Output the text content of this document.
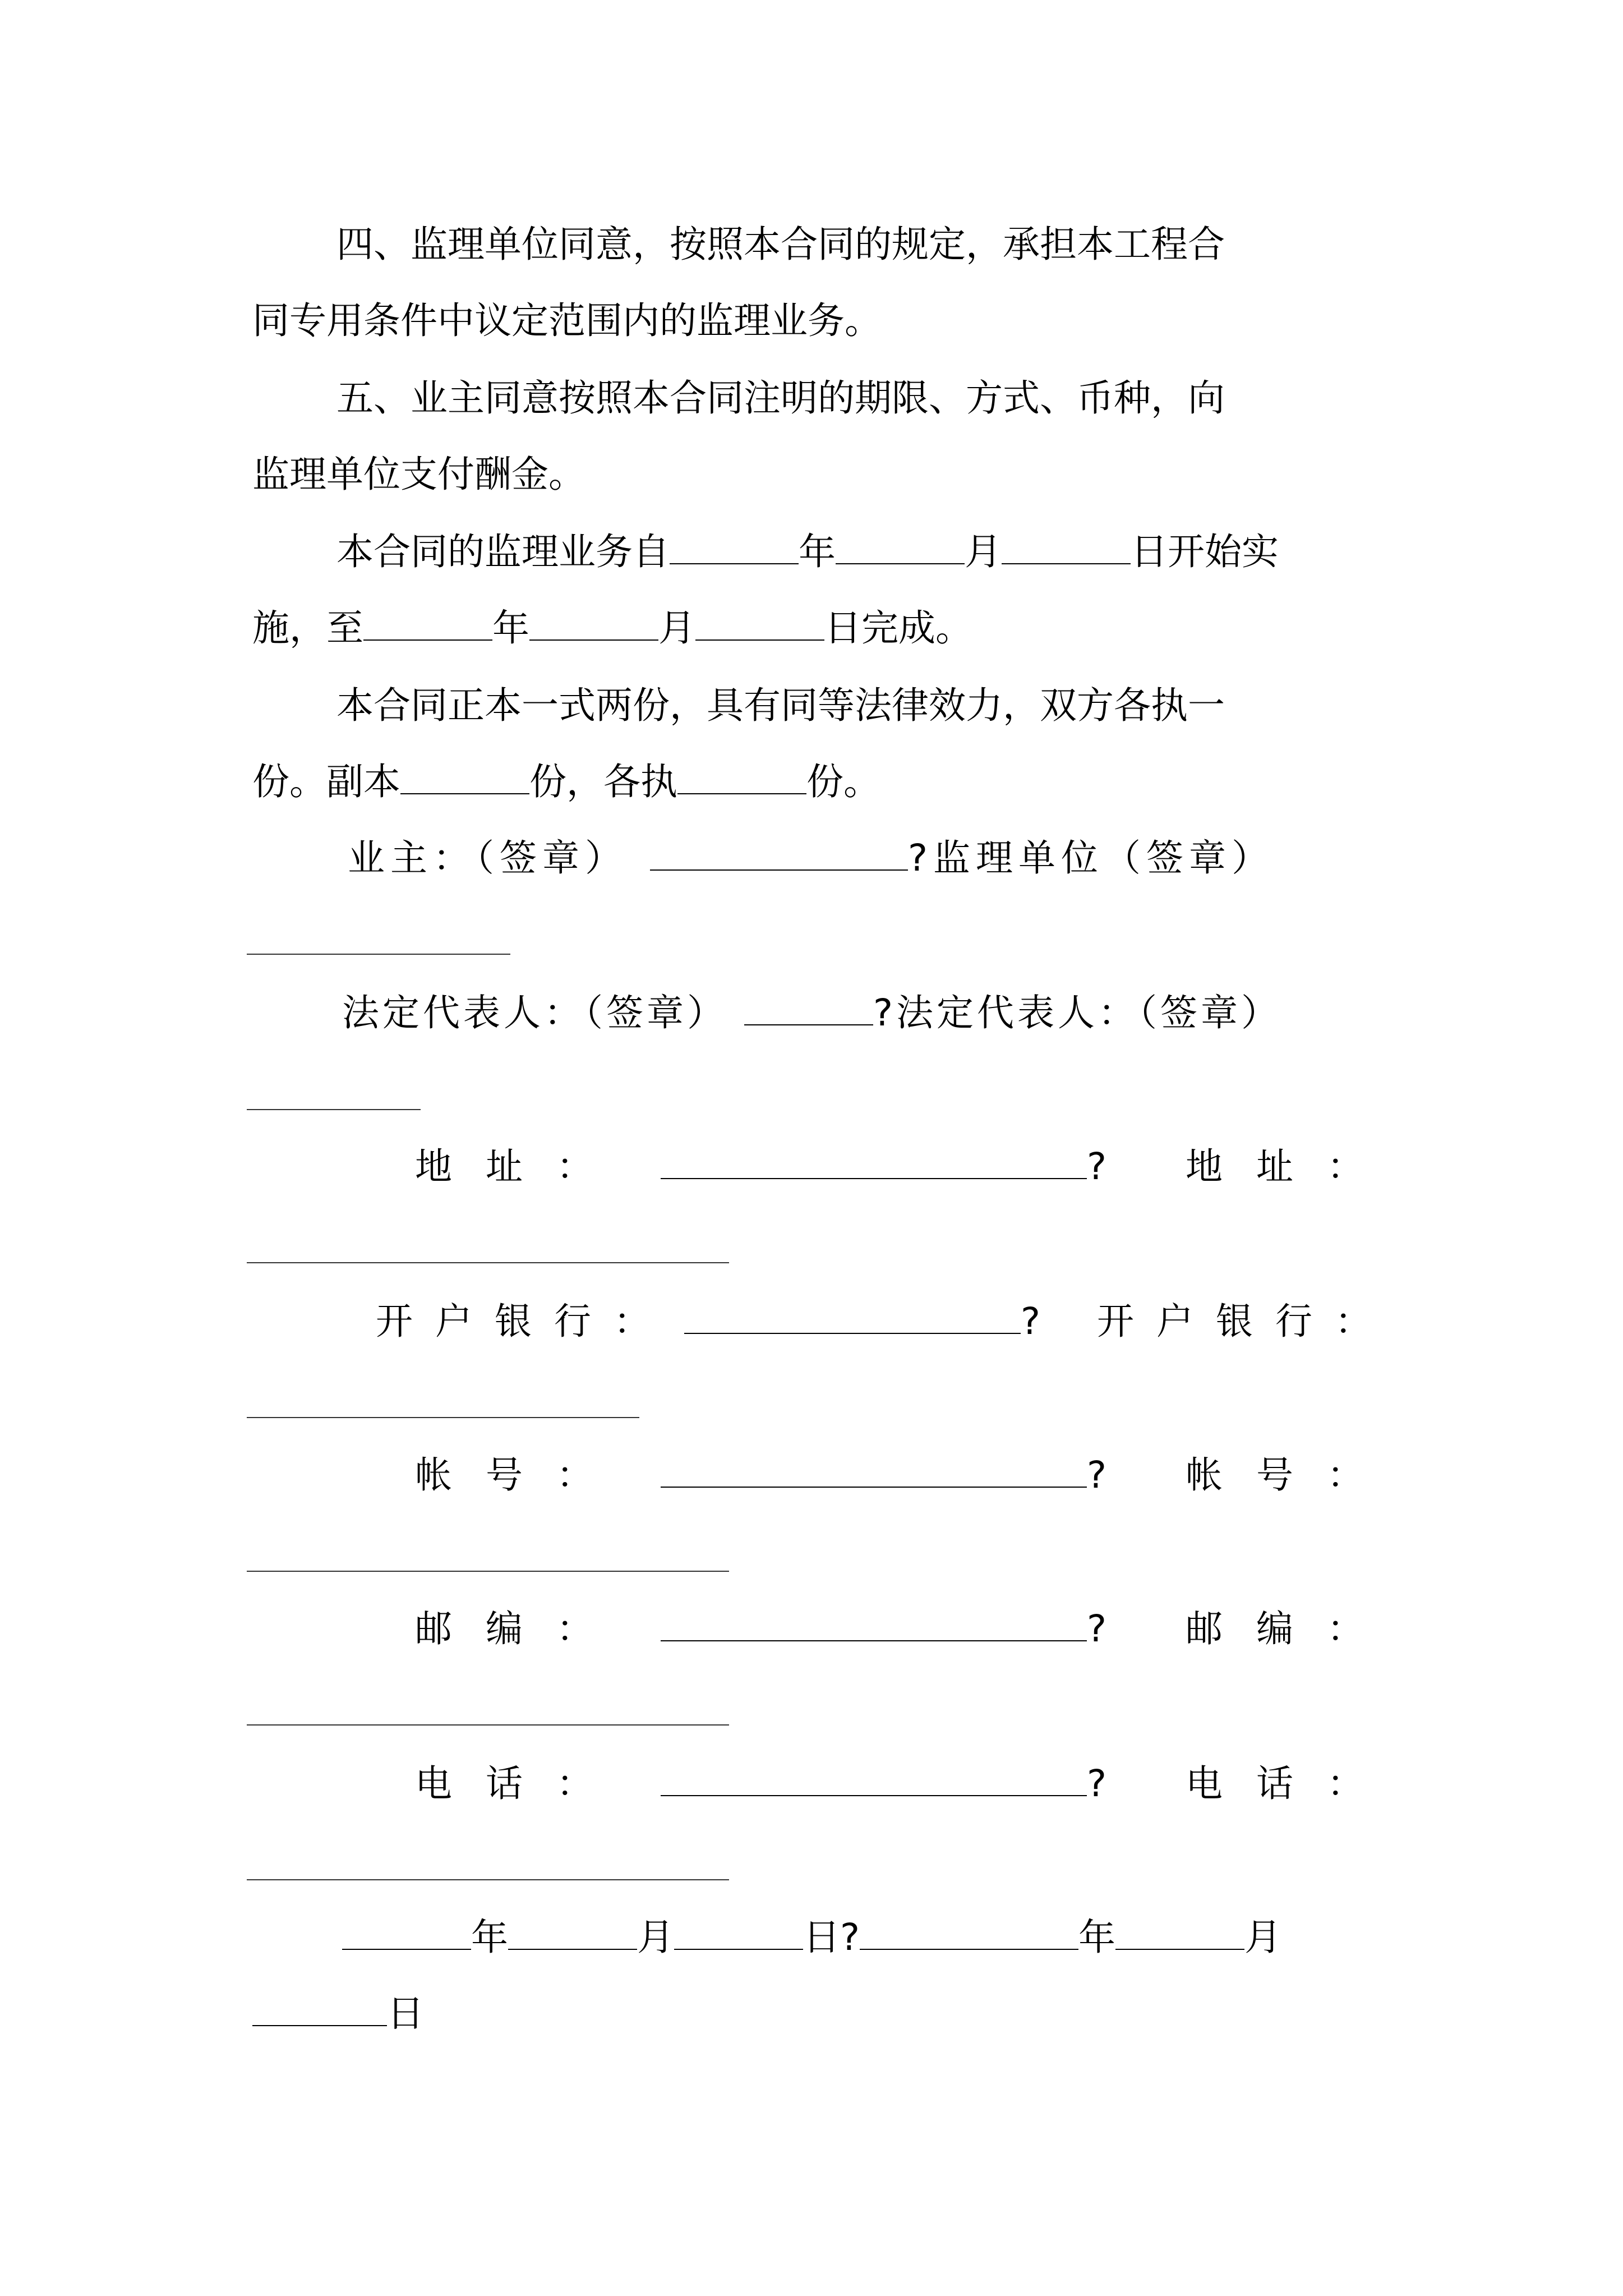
四、监理单位同意，按照本合同的规定，承担本工程合
同专用条件中议定范围内的监理业务。
五、业主同意按照本合同注明的期限、方式、币种，向
监理单位支付酬金。
本合同的监理业务自	年	月	日开始实
施，至	年	月	日完成。
本合同正本一式两份，具有同等法律效力，双方各执一
份。副本	份，各执	份。
业主：（签章）	?监理单位（签章）
法定代表人：（签章）	?法定代表人：（签章）
地址：	? 地址：
开户银行：	? 开户银行：
帐号：	? 帐号：
邮编：	? 邮编：
电话：	? 电话：
年	月	日?	年	月
日
